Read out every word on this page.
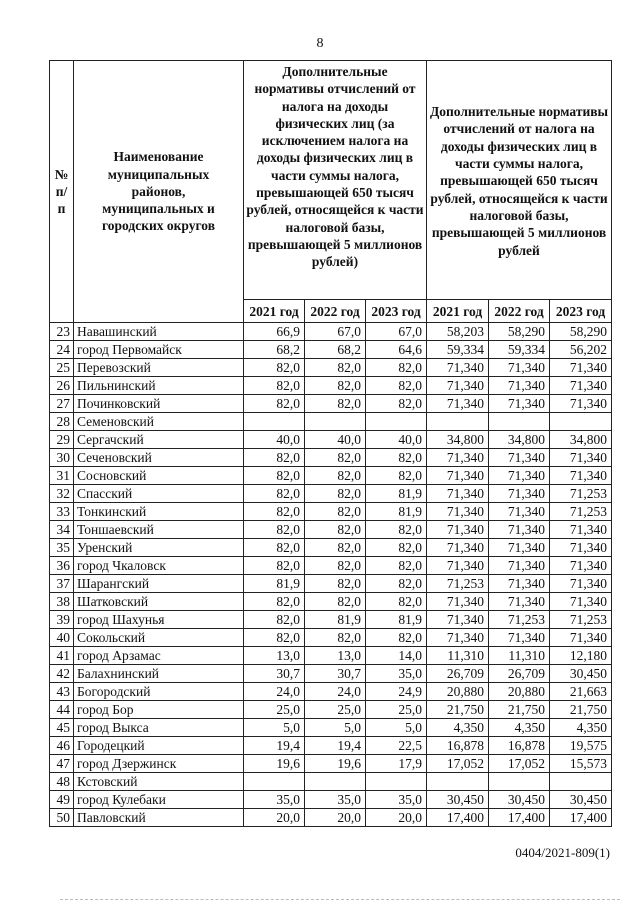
8
№ п/п	Наименование муниципальных районов, муниципальных и городских округов	Дополнительные нормативы отчислений от налога на доходы физических лиц (за исключением налога на доходы физических лиц в части суммы налога, превышающей 650 тысяч рублей, относящейся к части налоговой базы, превышающей 5 миллионов рублей)			Дополнительные нормативы отчислений от налога на доходы физических лиц в части суммы налога, превышающей 650 тысяч рублей, относящейся к части налоговой базы, превышающей 5 миллионов рублей		
		2021 год	2022 год	2023 год	2021 год	2022 год	2023 год
23	Навашинский	66,9	67,0	67,0	58,203	58,290	58,290
24	город Первомайск	68,2	68,2	64,6	59,334	59,334	56,202
25	Перевозский	82,0	82,0	82,0	71,340	71,340	71,340
26	Пильнинский	82,0	82,0	82,0	71,340	71,340	71,340
27	Починковский	82,0	82,0	82,0	71,340	71,340	71,340
28	Семеновский						
29	Сергачский	40,0	40,0	40,0	34,800	34,800	34,800
30	Сеченовский	82,0	82,0	82,0	71,340	71,340	71,340
31	Сосновский	82,0	82,0	82,0	71,340	71,340	71,340
32	Спасский	82,0	82,0	81,9	71,340	71,340	71,253
33	Тонкинский	82,0	82,0	81,9	71,340	71,340	71,253
34	Тоншаевский	82,0	82,0	82,0	71,340	71,340	71,340
35	Уренский	82,0	82,0	82,0	71,340	71,340	71,340
36	город Чкаловск	82,0	82,0	82,0	71,340	71,340	71,340
37	Шарангский	81,9	82,0	82,0	71,253	71,340	71,340
38	Шатковский	82,0	82,0	82,0	71,340	71,340	71,340
39	город Шахунья	82,0	81,9	81,9	71,340	71,253	71,253
40	Сокольский	82,0	82,0	82,0	71,340	71,340	71,340
41	город Арзамас	13,0	13,0	14,0	11,310	11,310	12,180
42	Балахнинский	30,7	30,7	35,0	26,709	26,709	30,450
43	Богородский	24,0	24,0	24,9	20,880	20,880	21,663
44	город Бор	25,0	25,0	25,0	21,750	21,750	21,750
45	город Выкса	5,0	5,0	5,0	4,350	4,350	4,350
46	Городецкий	19,4	19,4	22,5	16,878	16,878	19,575
47	город Дзержинск	19,6	19,6	17,9	17,052	17,052	15,573
48	Кстовский						
49	город Кулебаки	35,0	35,0	35,0	30,450	30,450	30,450
50	Павловский	20,0	20,0	20,0	17,400	17,400	17,400
0404/2021-809(1)
